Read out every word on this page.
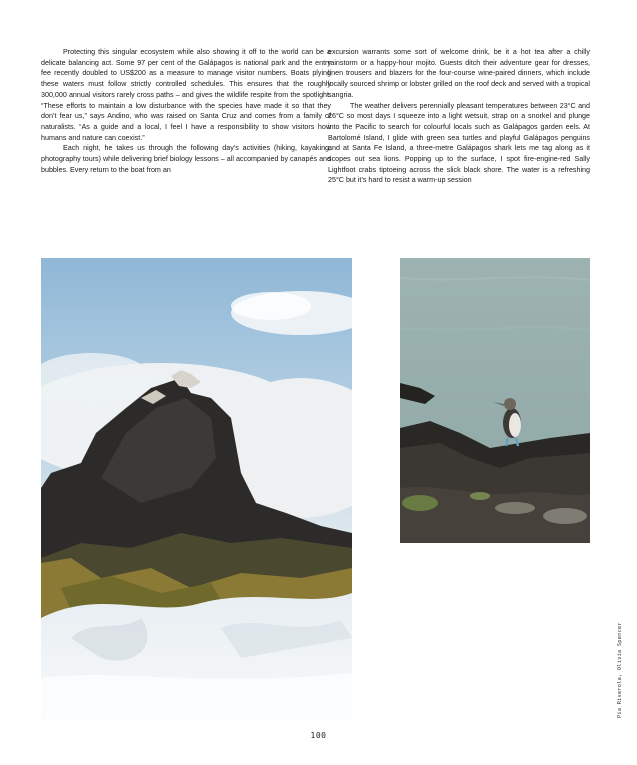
Protecting this singular ecosystem while also showing it off to the world can be a delicate balancing act. Some 97 per cent of the Galápagos is national park and the entry fee recently doubled to US$200 as a measure to manage visitor numbers. Boats plying these waters must follow strictly controlled schedules. This ensures that the roughly 300,000 annual visitors rarely cross paths – and gives the wildlife respite from the spotlight. “These efforts to maintain a low disturbance with the species have made it so that they don’t fear us,” says Andino, who was raised on Santa Cruz and comes from a family of naturalists. “As a guide and a local, I feel I have a responsibility to show visitors how humans and nature can coexist.”

Each night, he takes us through the following day’s activities (hiking, kayaking, photography tours) while delivering brief biology lessons – all accompanied by canapés and bubbles. Every return to the boat from an

excursion warrants some sort of welcome drink, be it a hot tea after a chilly rainstorm or a happy-hour mojito. Guests ditch their adventure gear for dresses, linen trousers and blazers for the four-course wine-paired dinners, which include locally sourced shrimp or lobster grilled on the roof deck and served with a tropical sangria.

The weather delivers perennially pleasant temperatures between 23°C and 26°C so most days I squeeze into a light wetsuit, strap on a snorkel and plunge into the Pacific to search for colourful locals such as Galápagos garden eels. At Bartolomé Island, I glide with green sea turtles and playful Galápagos penguins and at Santa Fe Island, a three-metre Galápagos shark lets me tag along as it scopes out sea lions. Popping up to the surface, I spot fire-engine-red Sally Lightfoot crabs tiptoeing across the slick black shore. The water is a refreshing 25°C but it’s hard to resist a warm-up session

100
Pia Riverola, Olivia Spencer
